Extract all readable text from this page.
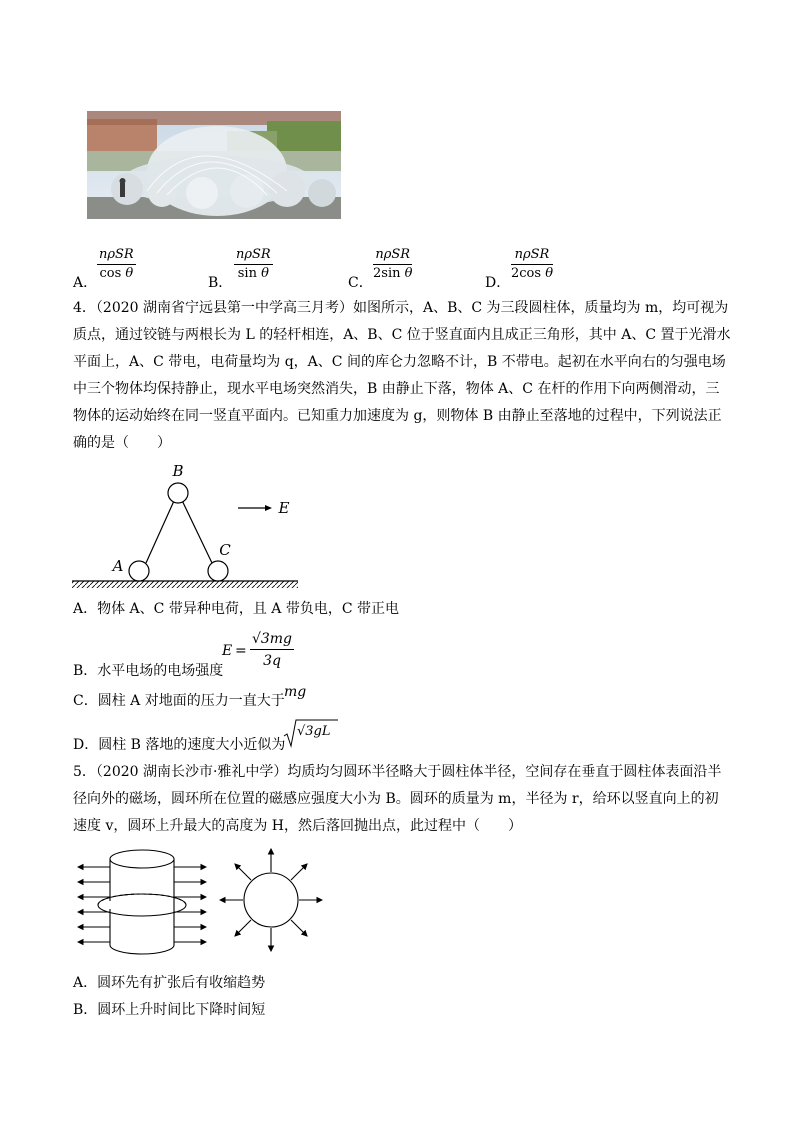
A．
nρSR
cos θ
B．
nρSR
sin θ
C．
nρSR
2sin θ
D．
nρSR
2cos θ
4．（2020 湖南省宁远县第一中学高三月考）如图所示，A、B、C 为三段圆柱体，质量均为 m，均可视为
质点，通过铰链与两根长为 L 的轻杆相连，A、B、C 位于竖直面内且成正三角形，其中 A、C 置于光滑水
平面上，A、C 带电，电荷量均为 q，A、C 间的库仑力忽略不计，B 不带电。起初在水平向右的匀强电场
中三个物体均保持静止，现水平电场突然消失，B 由静止下落，物体 A、C 在杆的作用下向两侧滑动，三
物体的运动始终在同一竖直平面内。已知重力加速度为 g，则物体 B 由静止至落地的过程中，下列说法正
确的是（　　）
B
A
C
E
A．物体 A、C 带异种电荷，且 A 带负电，C 带正电
E =
√3mg
3q
B．水平电场的电场强度
C．圆柱 A 对地面的压力一直大于
mg
D．圆柱 B 落地的速度大小近似为
√3gL
5．（2020 湖南长沙市·雅礼中学）均质均匀圆环半径略大于圆柱体半径，空间存在垂直于圆柱体表面沿半
径向外的磁场，圆环所在位置的磁感应强度大小为 B。圆环的质量为 m，半径为 r，给环以竖直向上的初
速度 v，圆环上升最大的高度为 H，然后落回抛出点，此过程中（　　）
A．圆环先有扩张后有收缩趋势
B．圆环上升时间比下降时间短
